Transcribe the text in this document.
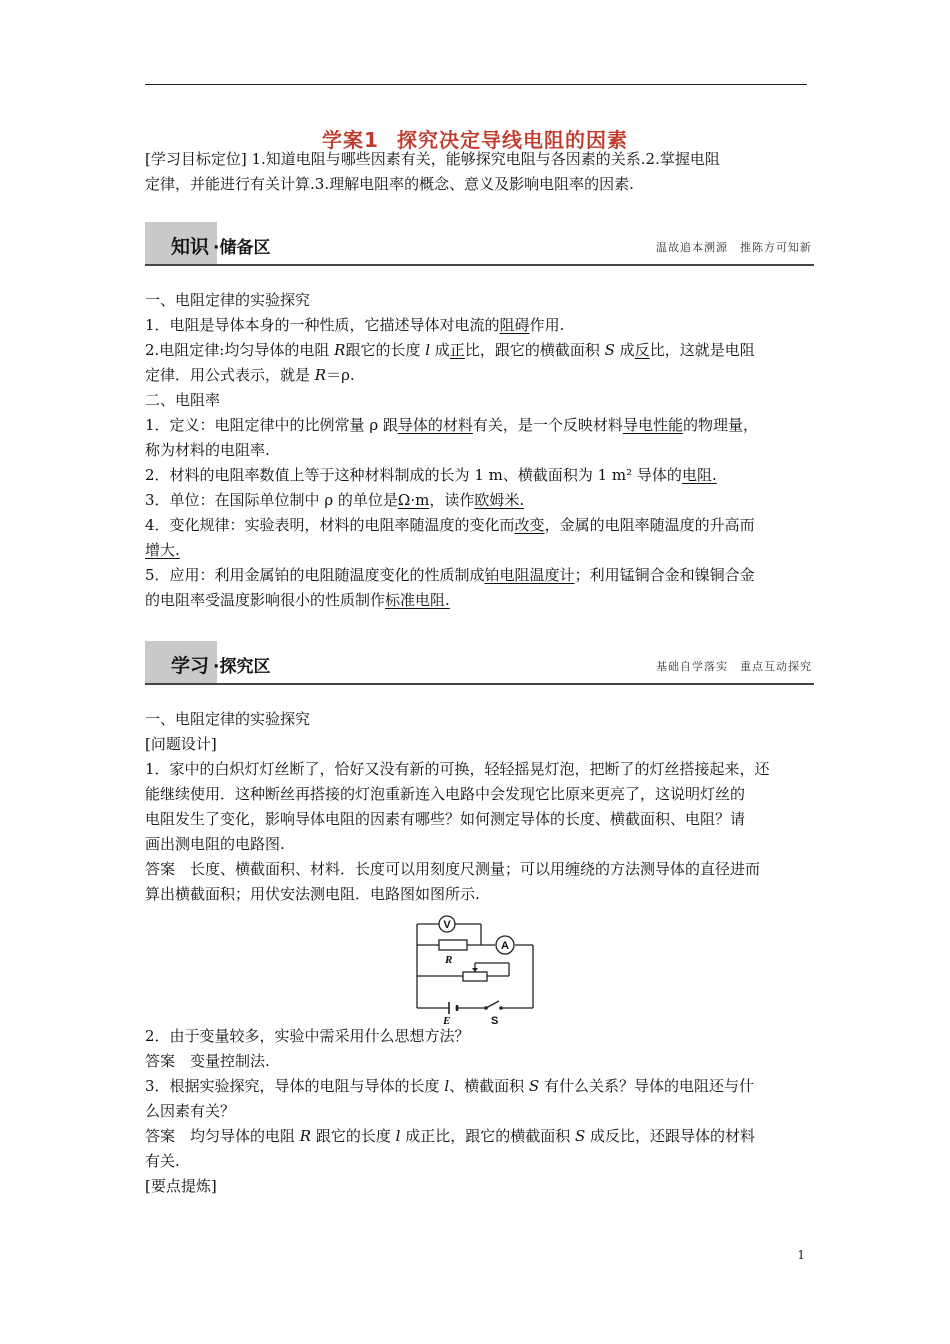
学案1 探究决定导线电阻的因素
[学习目标定位] 1.知道电阻与哪些因素有关，能够探究电阻与各因素的关系.2.掌握电阻
定律，并能进行有关计算.3.理解电阻率的概念、意义及影响电阻率的因素.
知识 ·储备区	温故追本溯源　推陈方可知新
一、电阻定律的实验探究
1．电阻是导体本身的一种性质，它描述导体对电流的阻碍作用.
2.电阻定律:均匀导体的电阻 R跟它的长度 l 成正比，跟它的横截面积 S 成反比，这就是电阻
定律．用公式表示，就是 R＝ρ.
二、电阻率
1．定义：电阻定律中的比例常量 ρ 跟导体的材料有关，是一个反映材料导电性能的物理量，
称为材料的电阻率.
2．材料的电阻率数值上等于这种材料制成的长为 1 m、横截面积为 1 m² 导体的电阻.
3．单位：在国际单位制中 ρ 的单位是Ω·m，读作欧姆米.
4．变化规律：实验表明，材料的电阻率随温度的变化而改变，金属的电阻率随温度的升高而
增大.
5．应用：利用金属铂的电阻随温度变化的性质制成铂电阻温度计；利用锰铜合金和镍铜合金
的电阻率受温度影响很小的性质制作标准电阻.
学习 ·探究区	基础自学落实　重点互动探究
一、电阻定律的实验探究
[问题设计]
1．家中的白炽灯灯丝断了，恰好又没有新的可换，轻轻摇晃灯泡，把断了的灯丝搭接起来，还
能继续使用．这种断丝再搭接的灯泡重新连入电路中会发现它比原来更亮了，这说明灯丝的
电阻发生了变化，影响导体电阻的因素有哪些？如何测定导体的长度、横截面积、电阻？请
画出测电阻的电路图.
答案　长度、横截面积、材料．长度可以用刻度尺测量；可以用缠绕的方法测导体的直径进而
算出横截面积；用伏安法测电阻．电路图如图所示.
V
R
A
E	S
2．由于变量较多，实验中需采用什么思想方法？
答案　变量控制法.
3．根据实验探究，导体的电阻与导体的长度 l、横截面积 S 有什么关系？导体的电阻还与什
么因素有关？
答案　均匀导体的电阻 R 跟它的长度 l 成正比，跟它的横截面积 S 成反比，还跟导体的材料
有关.
[要点提炼]
1
